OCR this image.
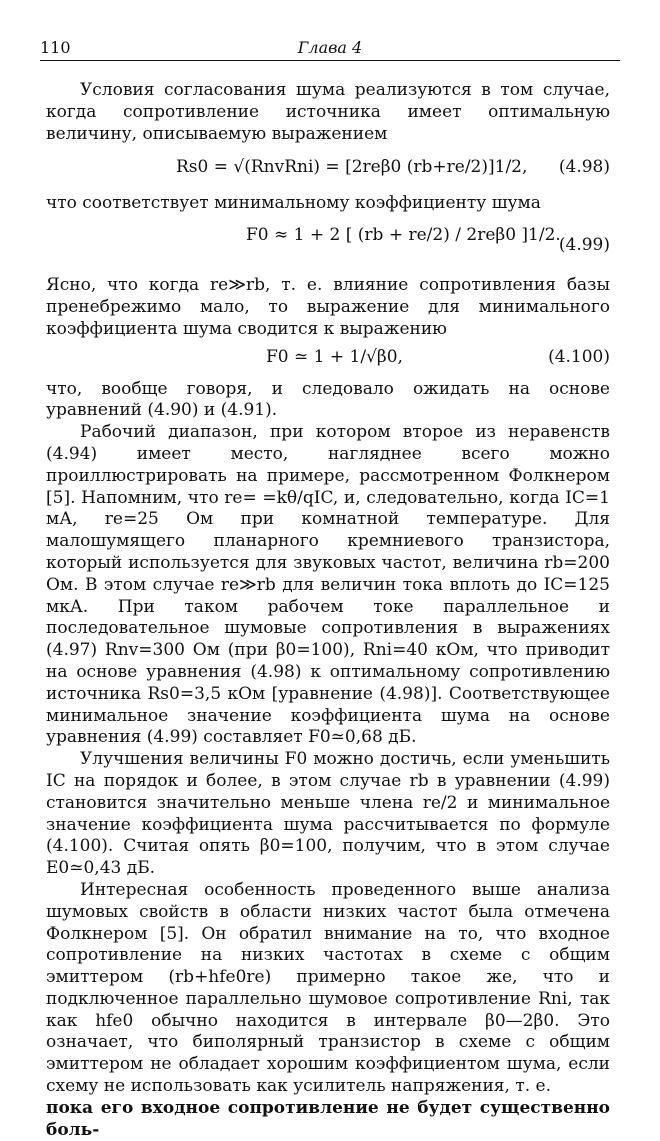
110	Глава 4

Условия согласования шума реализуются в том случае, когда сопротивление источника имеет оптимальную величину, описываемую выражением

Rs0 = √(RnvRni) = [2reβ0 (rb+re/2)]1/2, (4.98)

что соответствует минимальному коэффициенту шума

F0 ≈ 1 + 2 [ (rb + re/2) / 2reβ0 ]1/2.
(4.99)

Ясно, что когда re≫rb, т. е. влияние сопротивления базы пренебрежимо мало, то выражение для минимального коэффициента шума сводится к выражению

F0 ≃ 1 + 1/√β0,	(4.100)

что, вообще говоря, и следовало ожидать на основе уравнений (4.90) и (4.91).

Рабочий диапазон, при котором второе из неравенств (4.94) имеет место, нагляднее всего можно проиллюстрировать на примере, рассмотренном Фолкнером [5]. Напомним, что re= =kθ/qIC, и, следовательно, когда IC=1 мА, re=25 Ом при комнатной температуре. Для малошумящего планарного кремниевого транзистора, который используется для звуковых частот, величина rb=200 Ом. В этом случае re≫rb для величин тока вплоть до IC=125 мкА. При таком рабочем токе параллельное и последовательное шумовые сопротивления в выражениях (4.97) Rnv=300 Ом (при β0=100), Rni=40 кОм, что приводит на основе уравнения (4.98) к оптимальному сопротивлению источника Rs0=3,5 кОм [уравнение (4.98)]. Соответствующее минимальное значение коэффициента шума на основе уравнения (4.99) составляет F0≃0,68 дБ.

Улучшения величины F0 можно достичь, если уменьшить IC на порядок и более, в этом случае rb в уравнении (4.99) становится значительно меньше члена re/2 и минимальное значение коэффициента шума рассчитывается по формуле (4.100). Считая опять β0=100, получим, что в этом случае E0≃0,43 дБ.

Интересная особенность проведенного выше анализа шумовых свойств в области низких частот была отмечена Фолкнером [5]. Он обратил внимание на то, что входное сопротивление на низких частотах в схеме с общим эмиттером (rb+hfe0re) примерно такое же, что и подключенное параллельно шумовое сопротивление Rni, так как hfe0 обычно находится в интервале β0—2β0. Это означает, что биполярный транзистор в схеме с общим эмиттером не обладает хорошим коэффициентом шума, если схему не использовать как усилитель напряжения, т. е.

пока его входное сопротивление не будет существенно боль-
